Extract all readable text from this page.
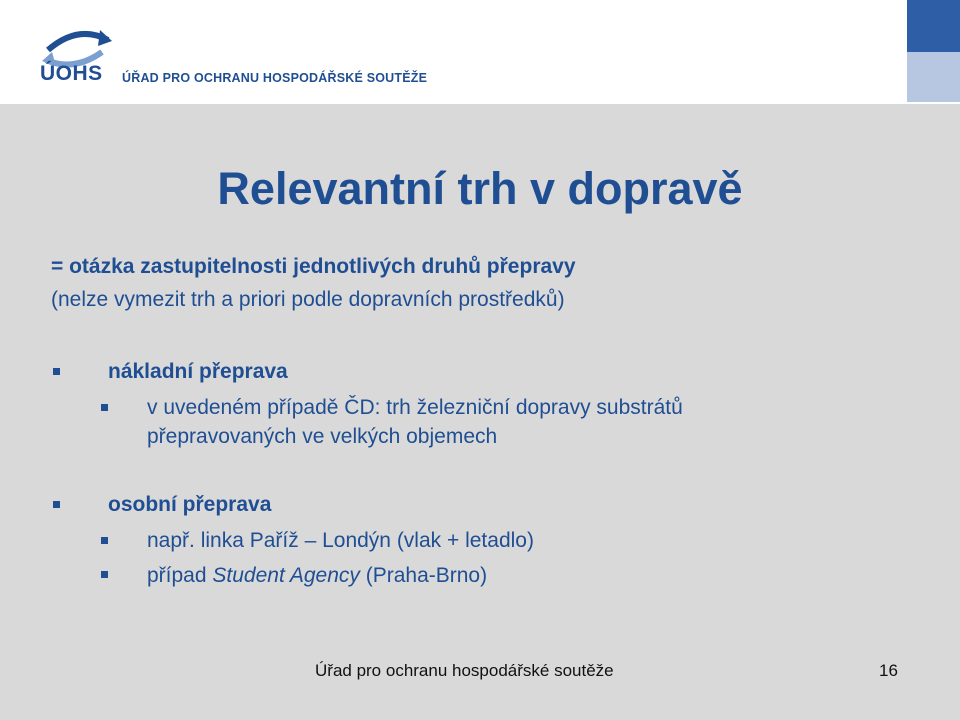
ÚOHS ÚŘAD PRO OCHRANU HOSPODÁŘSKÉ SOUTĚŽE
Relevantní trh v dopravě
= otázka zastupitelnosti jednotlivých druhů přepravy
(nelze vymezit trh a priori podle dopravních prostředků)
nákladní přeprava
v uvedeném případě ČD: trh železniční dopravy substrátů
přepravovaných ve velkých objemech
osobní přeprava
např. linka Paříž – Londýn (vlak + letadlo)
případ Student Agency (Praha-Brno)
Úřad pro ochranu hospodářské soutěže	16
